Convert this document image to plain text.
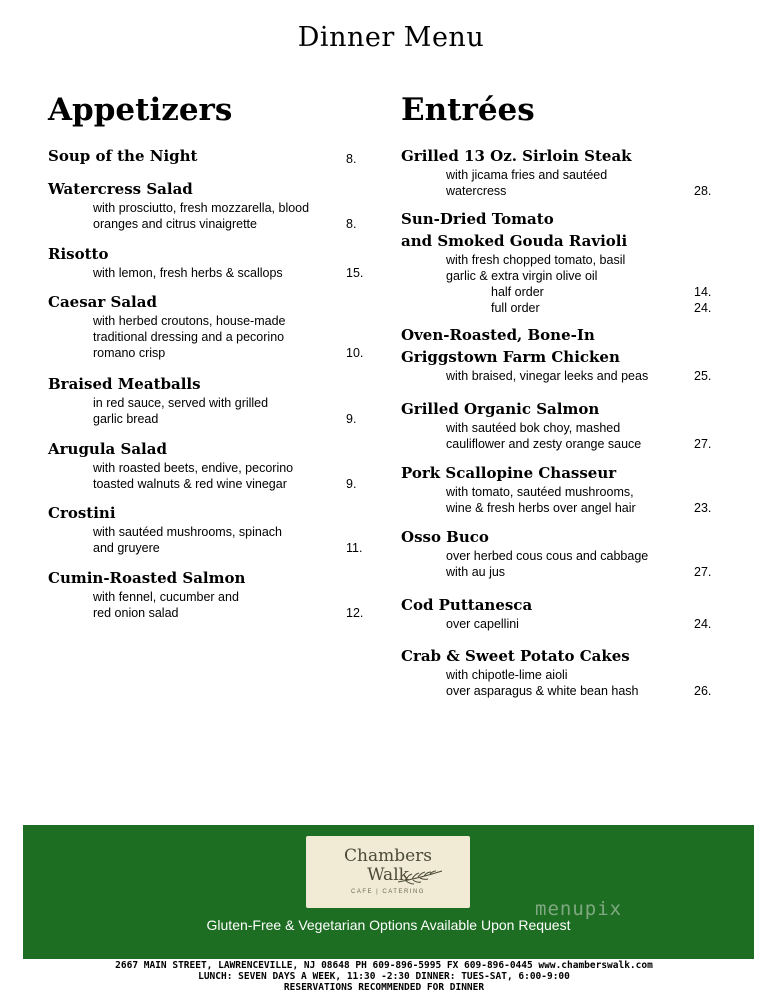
Dinner Menu
Appetizers	Entrées
Soup of the Night	8.
Watercress Salad
with prosciutto, fresh mozzarella, blood
oranges and citrus vinaigrette	8.
Risotto
with lemon, fresh herbs & scallops	15.
Caesar Salad
with herbed croutons, house-made
traditional dressing and a pecorino
romano crisp	10.
Braised Meatballs
in red sauce, served with grilled
garlic bread	9.
Arugula Salad
with roasted beets, endive, pecorino
toasted walnuts & red wine vinegar	9.
Crostini
with sautéed mushrooms, spinach
and gruyere	11.
Cumin-Roasted Salmon
with fennel, cucumber and
red onion salad	12.
Grilled 13 Oz. Sirloin Steak
with jicama fries and sautéed
watercress	28.
Sun-Dried Tomato
and Smoked Gouda Ravioli
with fresh chopped tomato, basil
garlic & extra virgin olive oil
half order	14.
full order	24.
Oven-Roasted, Bone-In
Griggstown Farm Chicken
with braised, vinegar leeks and peas	25.
Grilled Organic Salmon
with sautéed bok choy, mashed
cauliflower and zesty orange sauce	27.
Pork Scallopine Chasseur
with tomato, sautéed mushrooms,
wine & fresh herbs over angel hair	23.
Osso Buco
over herbed cous cous and cabbage
with au jus	27.
Cod Puttanesca
over capellini	24.
Crab & Sweet Potato Cakes
with chipotle-lime aioli
over asparagus & white bean hash	26.
Chambers
Walk
CAFE | CATERING
menupix
Gluten-Free & Vegetarian Options Available Upon Request
2667 MAIN STREET, LAWRENCEVILLE, NJ 08648 PH 609-896-5995 FX 609-896-0445 www.chamberswalk.com
LUNCH: SEVEN DAYS A WEEK, 11:30 -2:30 DINNER: TUES-SAT, 6:00-9:00
RESERVATIONS RECOMMENDED FOR DINNER
